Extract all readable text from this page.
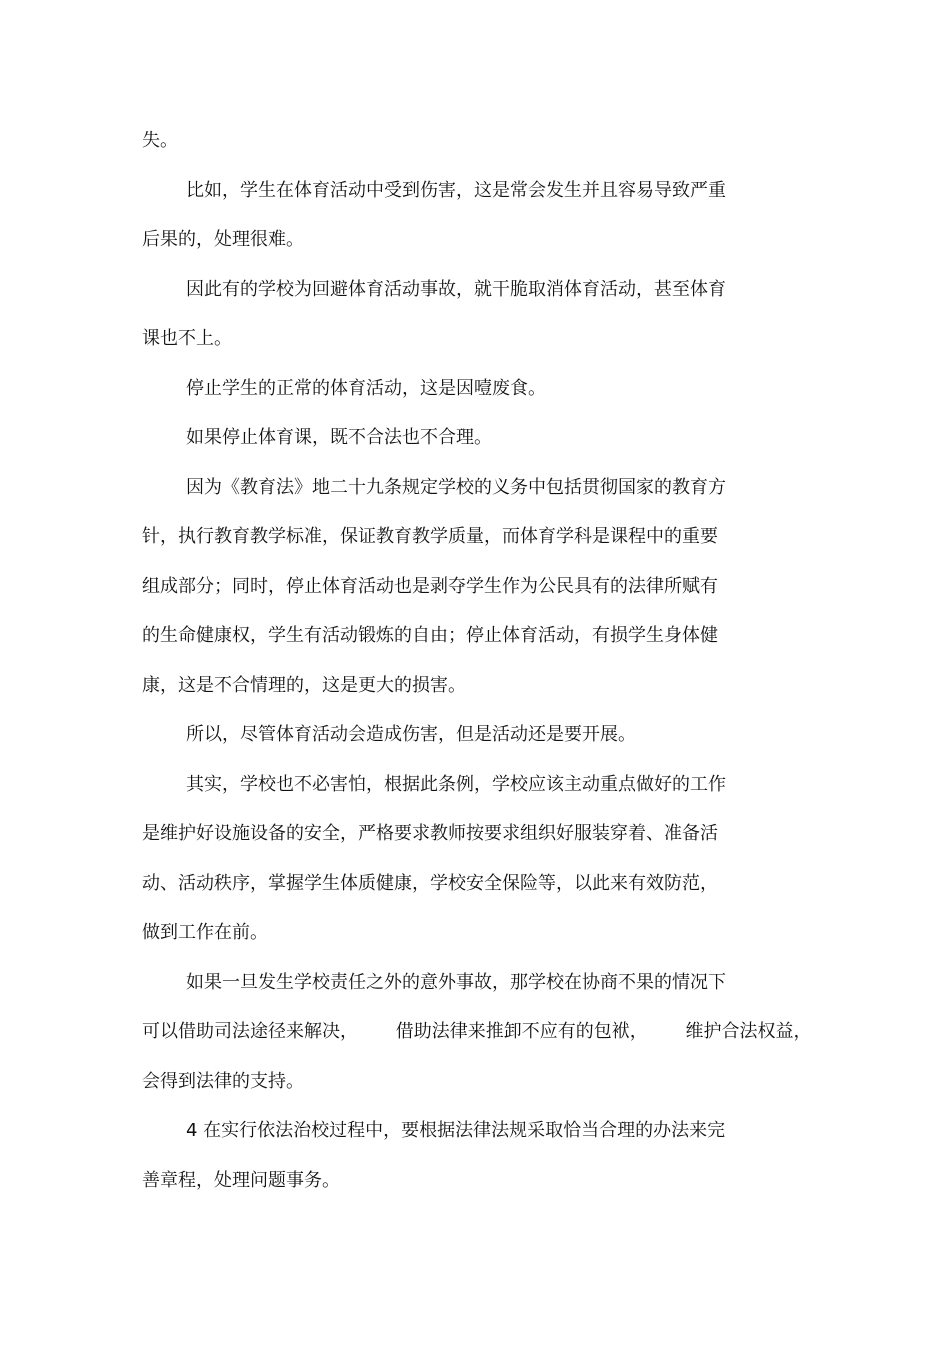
失。
比如，学生在体育活动中受到伤害，这是常会发生并且容易导致严重
后果的，处理很难。
因此有的学校为回避体育活动事故，就干脆取消体育活动，甚至体育
课也不上。
停止学生的正常的体育活动，这是因噎废食。
如果停止体育课，既不合法也不合理。
因为《教育法》地二十九条规定学校的义务中包括贯彻国家的教育方
针，执行教育教学标准，保证教育教学质量，而体育学科是课程中的重要
组成部分；同时，停止体育活动也是剥夺学生作为公民具有的法律所赋有
的生命健康权，学生有活动锻炼的自由；停止体育活动，有损学生身体健
康，这是不合情理的，这是更大的损害。
所以，尽管体育活动会造成伤害，但是活动还是要开展。
其实，学校也不必害怕，根据此条例，学校应该主动重点做好的工作
是维护好设施设备的安全，严格要求教师按要求组织好服装穿着、准备活
动、活动秩序，掌握学生体质健康，学校安全保险等，以此来有效防范，
做到工作在前。
如果一旦发生学校责任之外的意外事故，那学校在协商不果的情况下
可以借助司法途径来解决， 借助法律来推卸不应有的包袱， 维护合法权益，
会得到法律的支持。
4 在实行依法治校过程中，要根据法律法规采取恰当合理的办法来完
善章程，处理问题事务。
